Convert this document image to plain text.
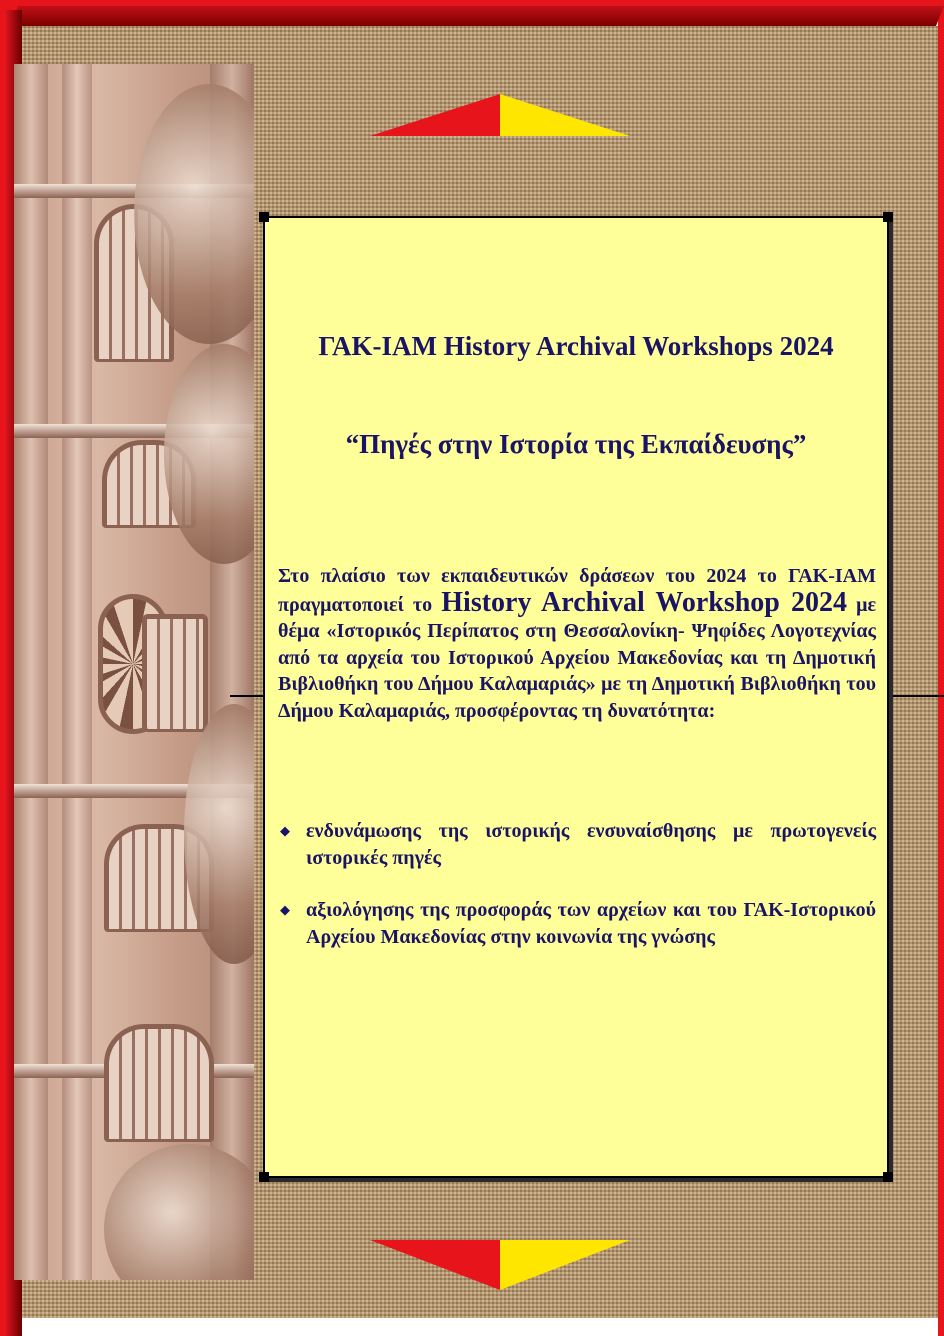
ΓΑΚ-ΙΑΜ History Archival Workshops 2024
“Πηγές στην Ιστορία της Εκπαίδευσης”

Στο πλαίσιο των εκπαιδευτικών δράσεων του 2024 το ΓΑΚ-ΙΑΜ πραγματοποιεί το History Archival Workshop 2024 με θέμα «Ιστορικός Περίπατος στη Θεσσαλονίκη- Ψηφίδες Λογοτεχνίας από τα αρχεία του Ιστορικού Αρχείου Μακεδονίας και τη Δημοτική Βιβλιοθήκη του Δήμου Καλαμαριάς» με τη Δημοτική Βιβλιοθήκη του Δήμου Καλαμαριάς, προσφέροντας τη δυνατότητα:

◆ ενδυνάμωσης της ιστορικής ενσυναίσθησης με πρωτογενείς ιστορικές πηγές
◆ αξιολόγησης της προσφοράς των αρχείων και του ΓΑΚ-Ιστορικού Αρχείου Μακεδονίας στην κοινωνία της γνώσης
